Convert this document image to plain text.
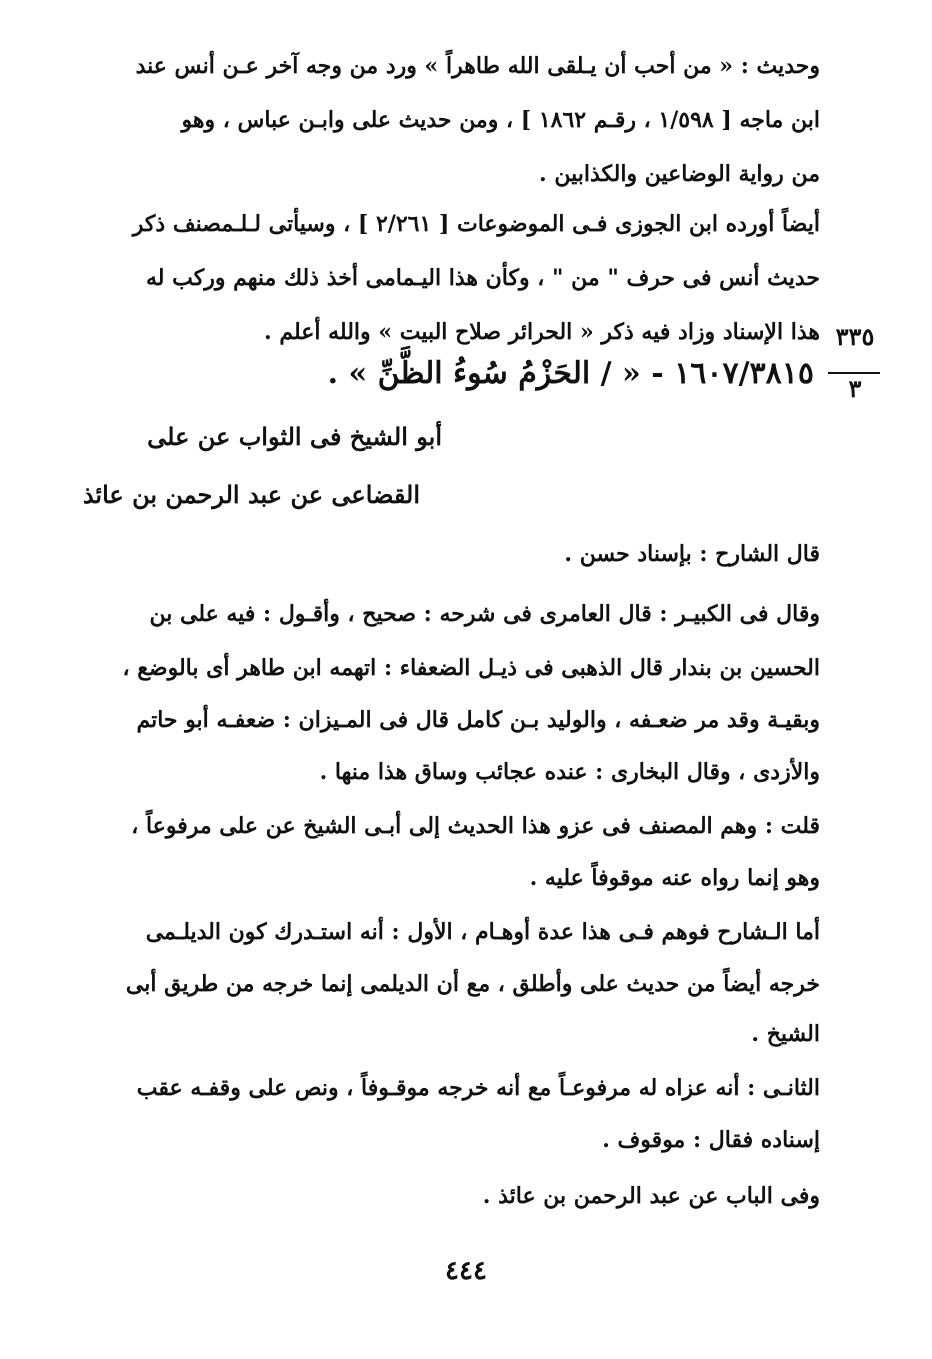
وحديث : « من أحب أن يـلقى الله طاهراً » ورد من وجه آخر عـن أنس عند
ابن ماجه [ ١/٥٩٨ ، رقـم ١٨٦٢ ] ، ومن حديث على وابـن عباس ، وهو
من رواية الوضاعين والكذابين .
أيضاً أورده ابن الجوزى فـى الموضوعات [ ٢/٢٦١ ] ، وسيأتى لـلـمصنف ذكر
حديث أنس فى حرف " من " ، وكأن هذا اليـمامى أخذ ذلك منهم وركب له
هذا الإسناد وزاد فيه ذكر « الحرائر صلاح البيت » والله أعلم . ٣٣٥
٣
١٦٠٧/٣٨١٥ - « / الحَزْمُ سُوءُ الظَّنِّ » .
أبو الشيخ فى الثواب عن على
القضاعى عن عبد الرحمن بن عائذ
قال الشارح : بإسناد حسن .
وقال فى الكبيـر : قال العامرى فى شرحه : صحيح ، وأقـول : فيه على بن
الحسين بن بندار قال الذهبى فى ذيـل الضعفاء : اتهمه ابن طاهر أى بالوضع ،
وبقيـة وقد مر ضعـفه ، والوليد بـن كامل قال فى المـيزان : ضعفـه أبو حاتم
والأزدى ، وقال البخارى : عنده عجائب وساق هذا منها .
قلت : وهم المصنف فى عزو هذا الحديث إلى أبـى الشيخ عن على مرفوعاً ،
وهو إنما رواه عنه موقوفاً عليه .
أما الـشارح فوهم فـى هذا عدة أوهـام ، الأول : أنه استـدرك كون الديلـمى
خرجه أيضاً من حديث على وأطلق ، مع أن الديلمى إنما خرجه من طريق أبى
الشيخ .
الثانـى : أنه عزاه له مرفوعـاً مع أنه خرجه موقـوفاً ، ونص على وقفـه عقب
إسناده فقال : موقوف .
وفى الباب عن عبد الرحمن بن عائذ .
٤٤٤
